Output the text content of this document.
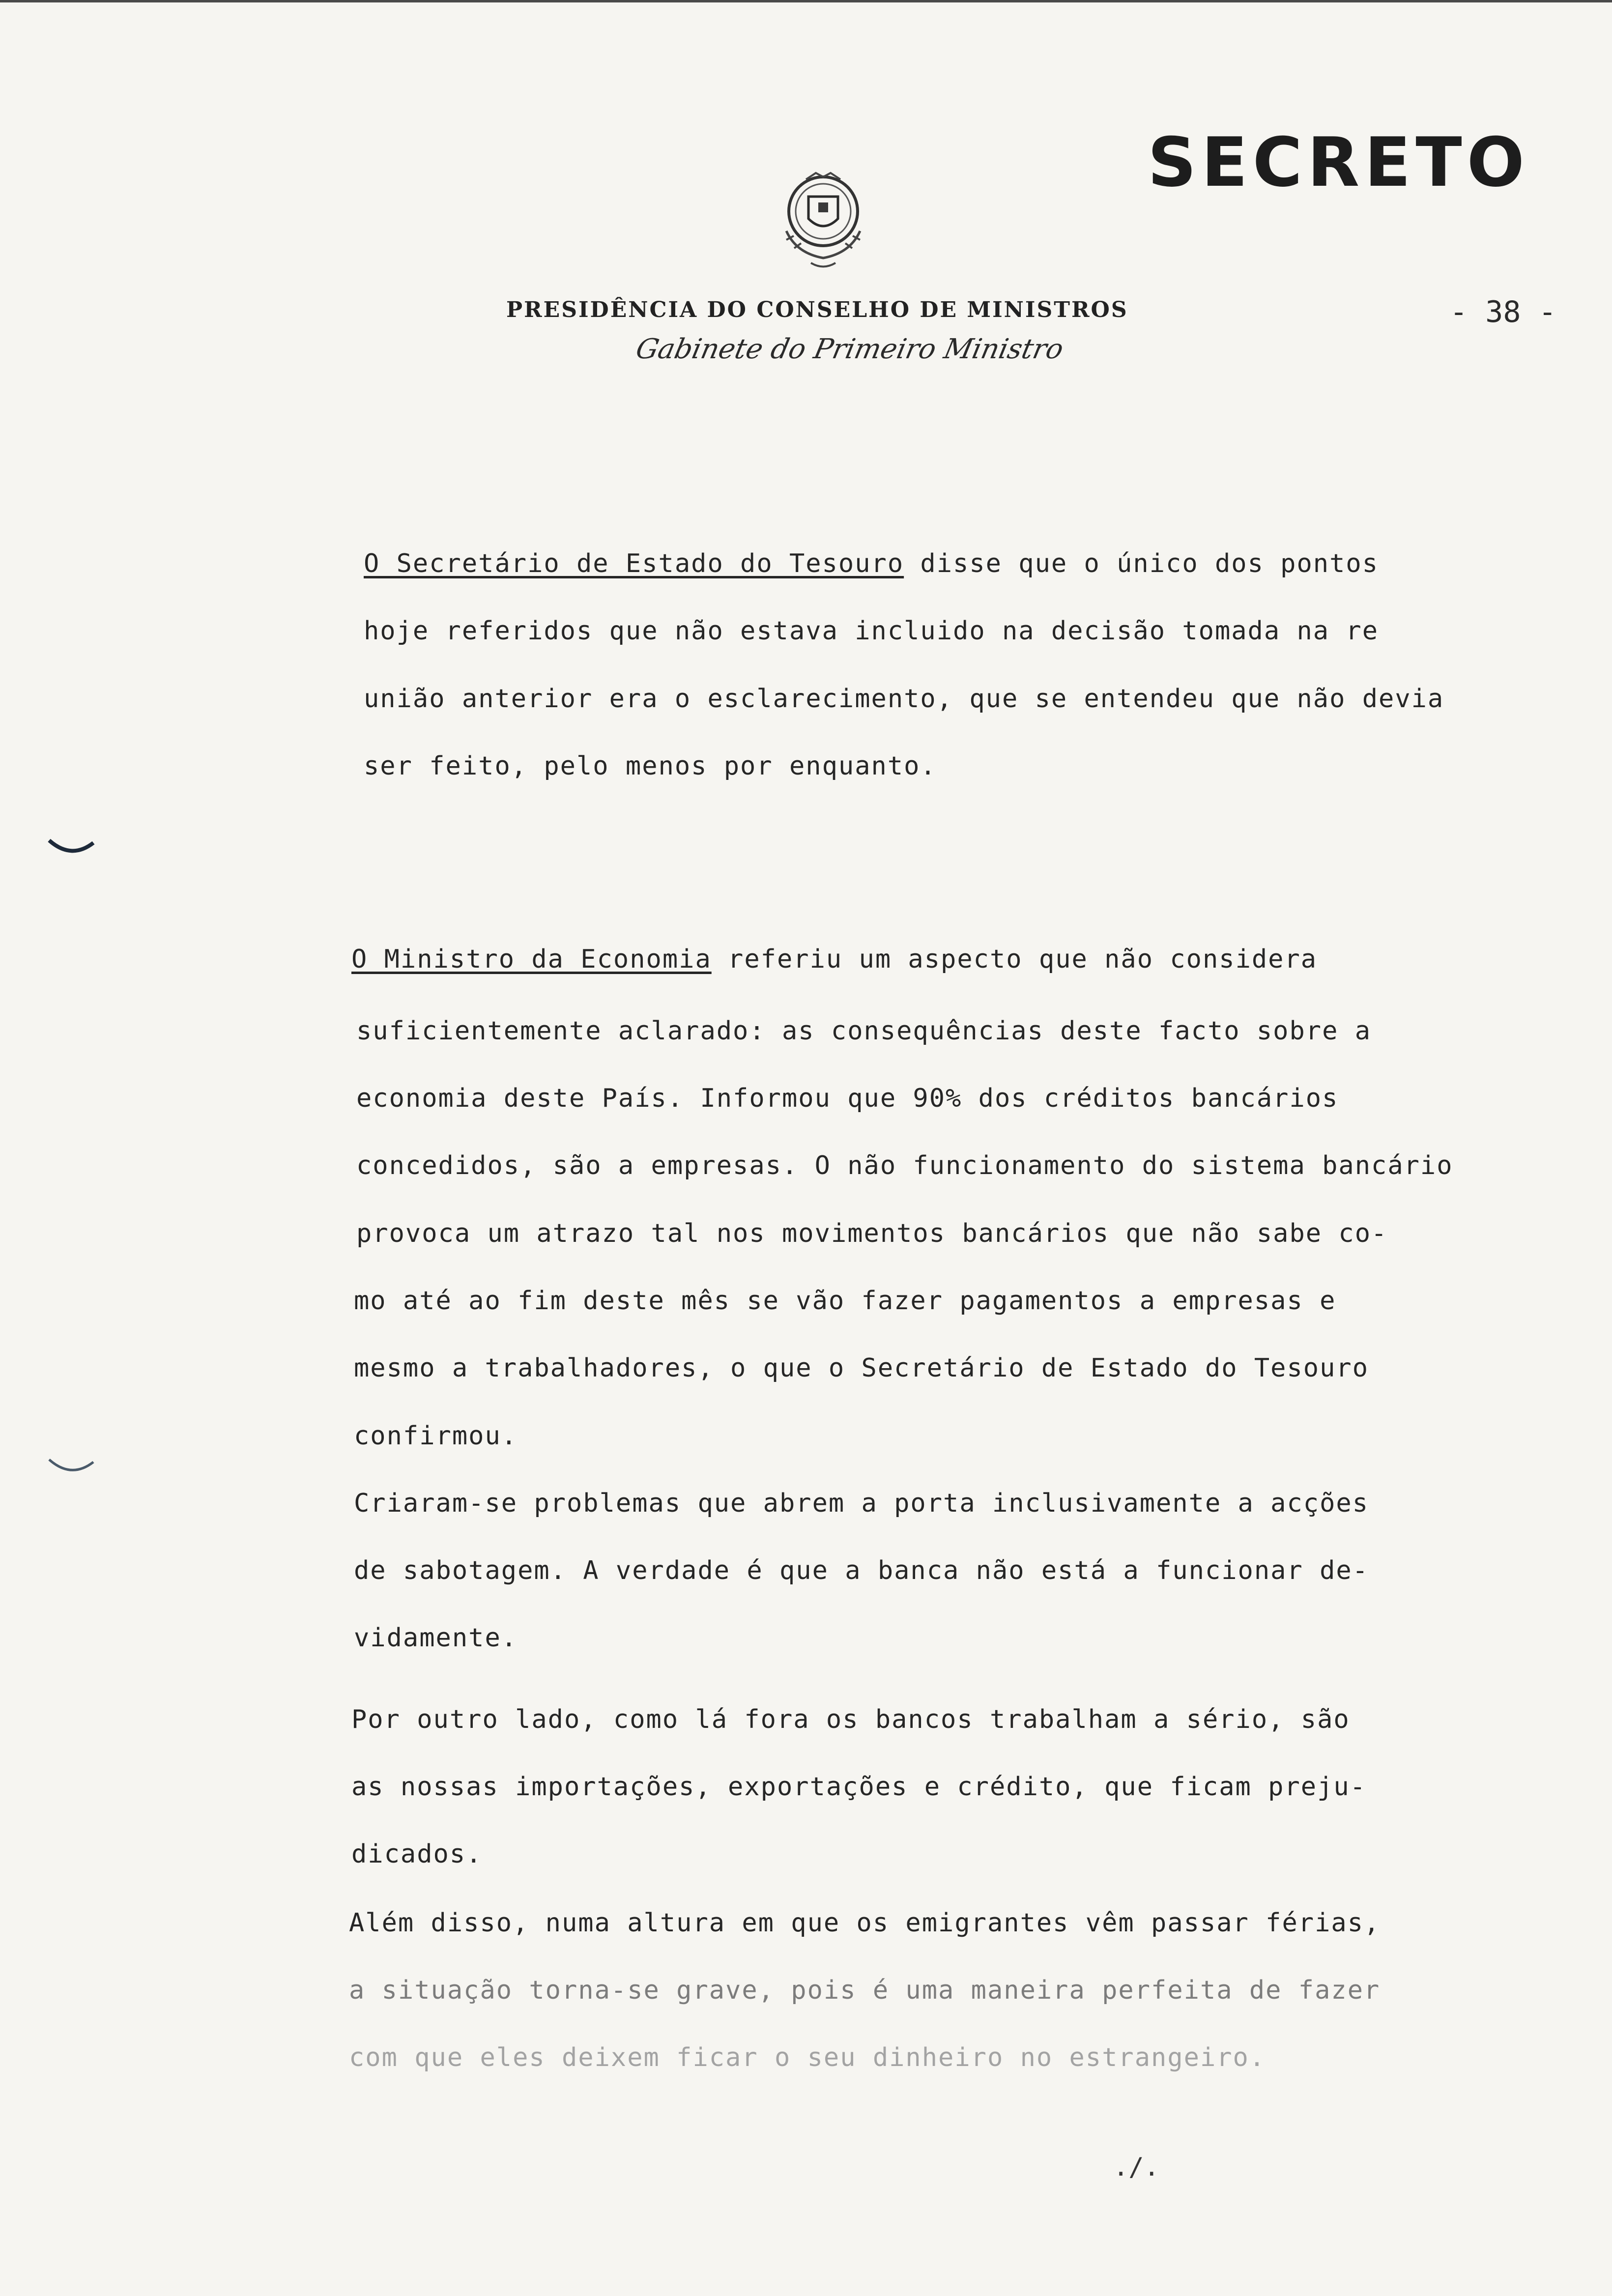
SECRETO
PRESIDÊNCIA DO CONSELHO DE MINISTROS
Gabinete do Primeiro Ministro
- 38 -
O Secretário de Estado do Tesouro disse que o único dos pontos
hoje referidos que não estava incluido na decisão tomada na re
união anterior era o esclarecimento, que se entendeu que não devia
ser feito, pelo menos por enquanto.
O Ministro da Economia referiu um aspecto que não considera
suficientemente aclarado: as consequências deste facto sobre a
economia deste País. Informou que 90% dos créditos bancários
concedidos, são a empresas. O não funcionamento do sistema bancário
provoca um atrazo tal nos movimentos bancários que não sabe co-
mo até ao fim deste mês se vão fazer pagamentos a empresas e
mesmo a trabalhadores, o que o Secretário de Estado do Tesouro
confirmou.
Criaram-se problemas que abrem a porta inclusivamente a acções
de sabotagem. A verdade é que a banca não está a funcionar de-
vidamente.
Por outro lado, como lá fora os bancos trabalham a sério, são
as nossas importações, exportações e crédito, que ficam preju-
dicados.
Além disso, numa altura em que os emigrantes vêm passar férias,
a situação torna-se grave, pois é uma maneira perfeita de fazer
com que eles deixem ficar o seu dinheiro no estrangeiro.
./.
